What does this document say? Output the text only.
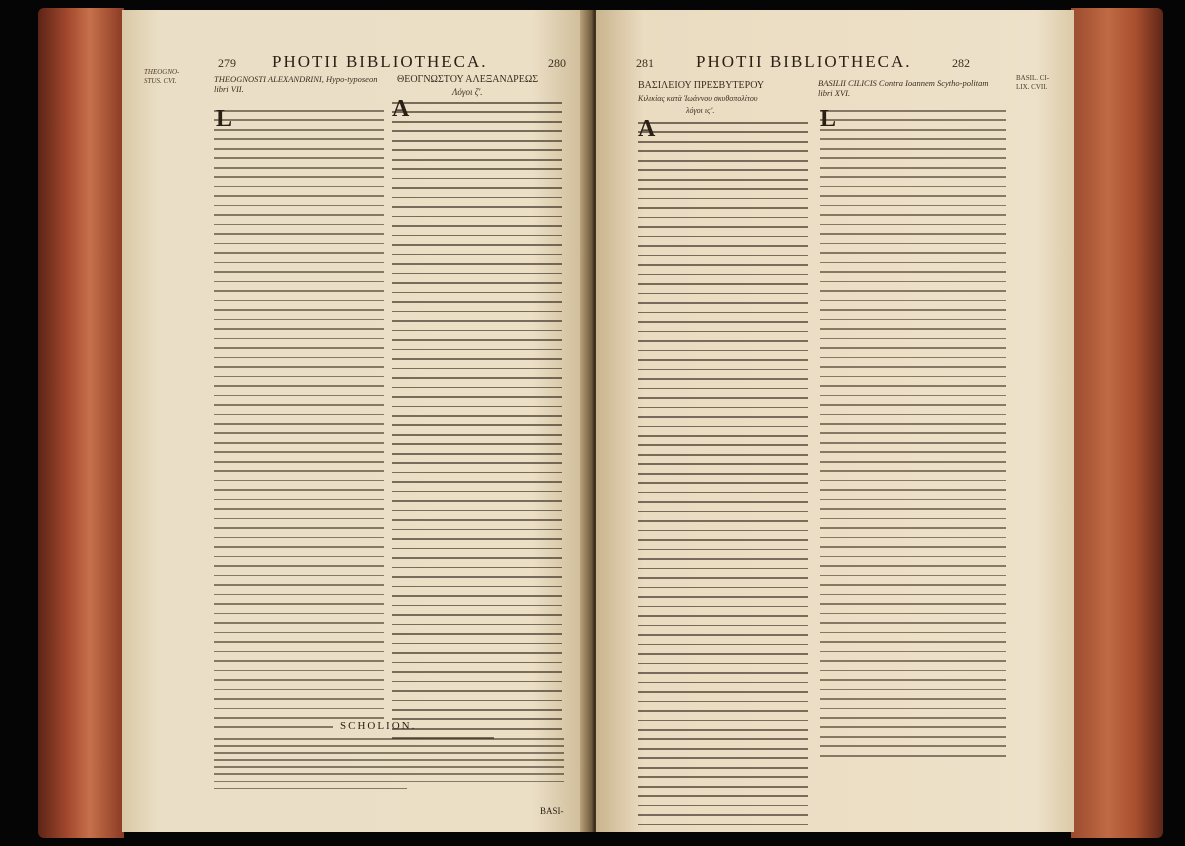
279 PHOTII BIBLIOTHECA.	280
THEOGNO-STUS. CVI.	THEOGNOSTI ALEXANDRINI, Hypo-typoseon libri VII.
ΘΕΟΓΝΩΣΤΟΥ ΑΛΕΞΑΝΔΡΕΩΣ
Λόγοι ζ'.
L	A
SCHOLION.
BASI-
281 PHOTII BIBLIOTHECA.	282
ΒΑΣΙΛΕΙΟΥ ΠΡΕΣΒΥΤΕΡΟΥ
Κιλικίας κατὰ Ἰωάννου σκυθοπολίτου
λόγοι ιϛ'.
BASILII CILICIS Contra Ioannem Scytho-politam libri XVI.
BASIL. CI-LIX. CVII.
A	L
